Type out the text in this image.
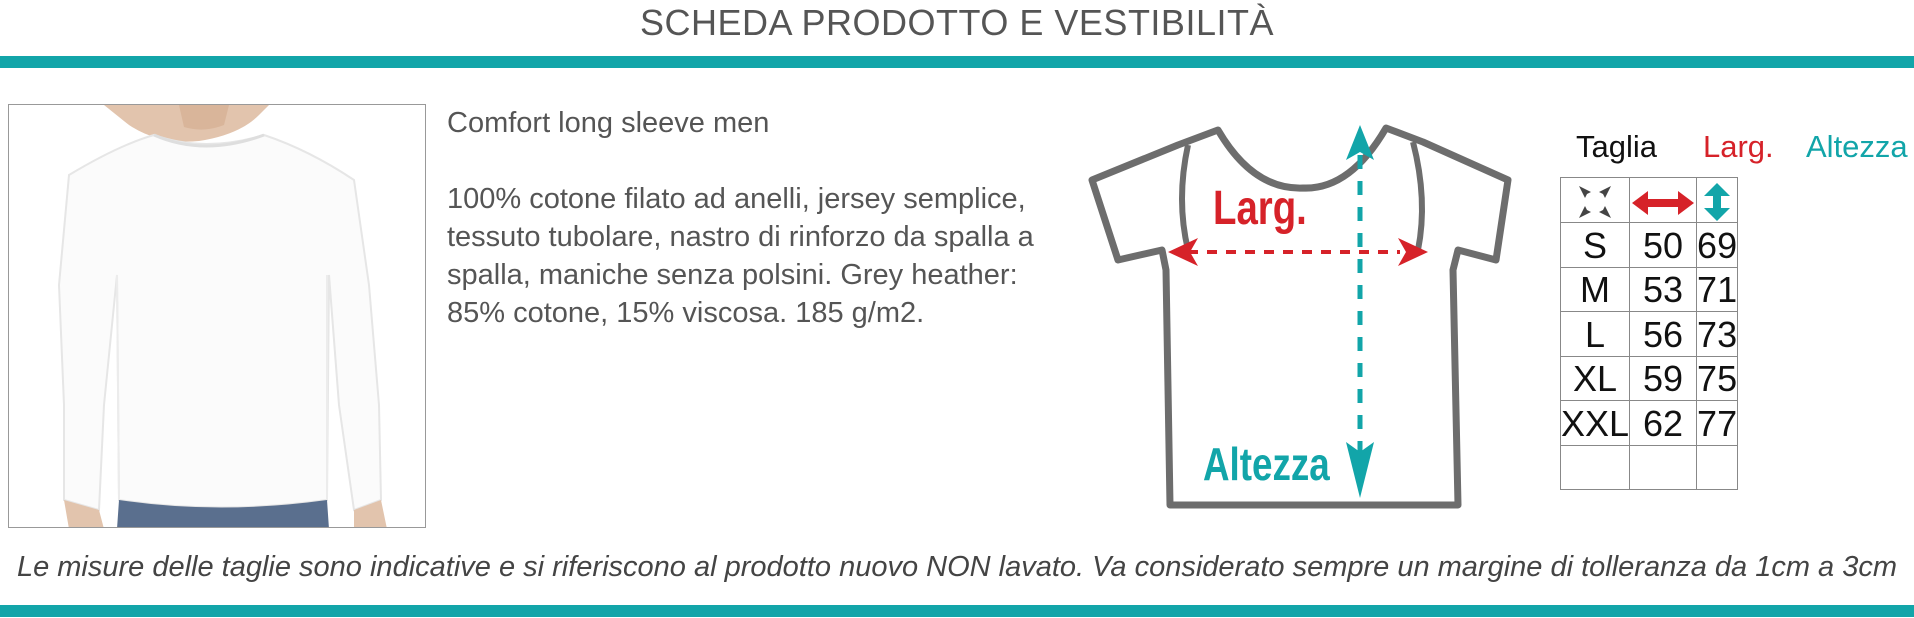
SCHEDA PRODOTTO E VESTIBILITÀ

Comfort long sleeve men

100% cotone filato ad anelli, jersey semplice,

tessuto tubolare, nastro di rinforzo da spalla a

spalla, maniche senza polsini. Grey heather:

85% cotone, 15% viscosa. 185 g/m2.

Larg.
Altezza
Taglia Larg. Altezza

S	50	69
M	53	71
L	56	73
XL	59	75
XXL	62	77

Le misure delle taglie sono indicative e si riferiscono al prodotto nuovo NON lavato. Va considerato sempre un margine di tolleranza da 1cm a 3cm
